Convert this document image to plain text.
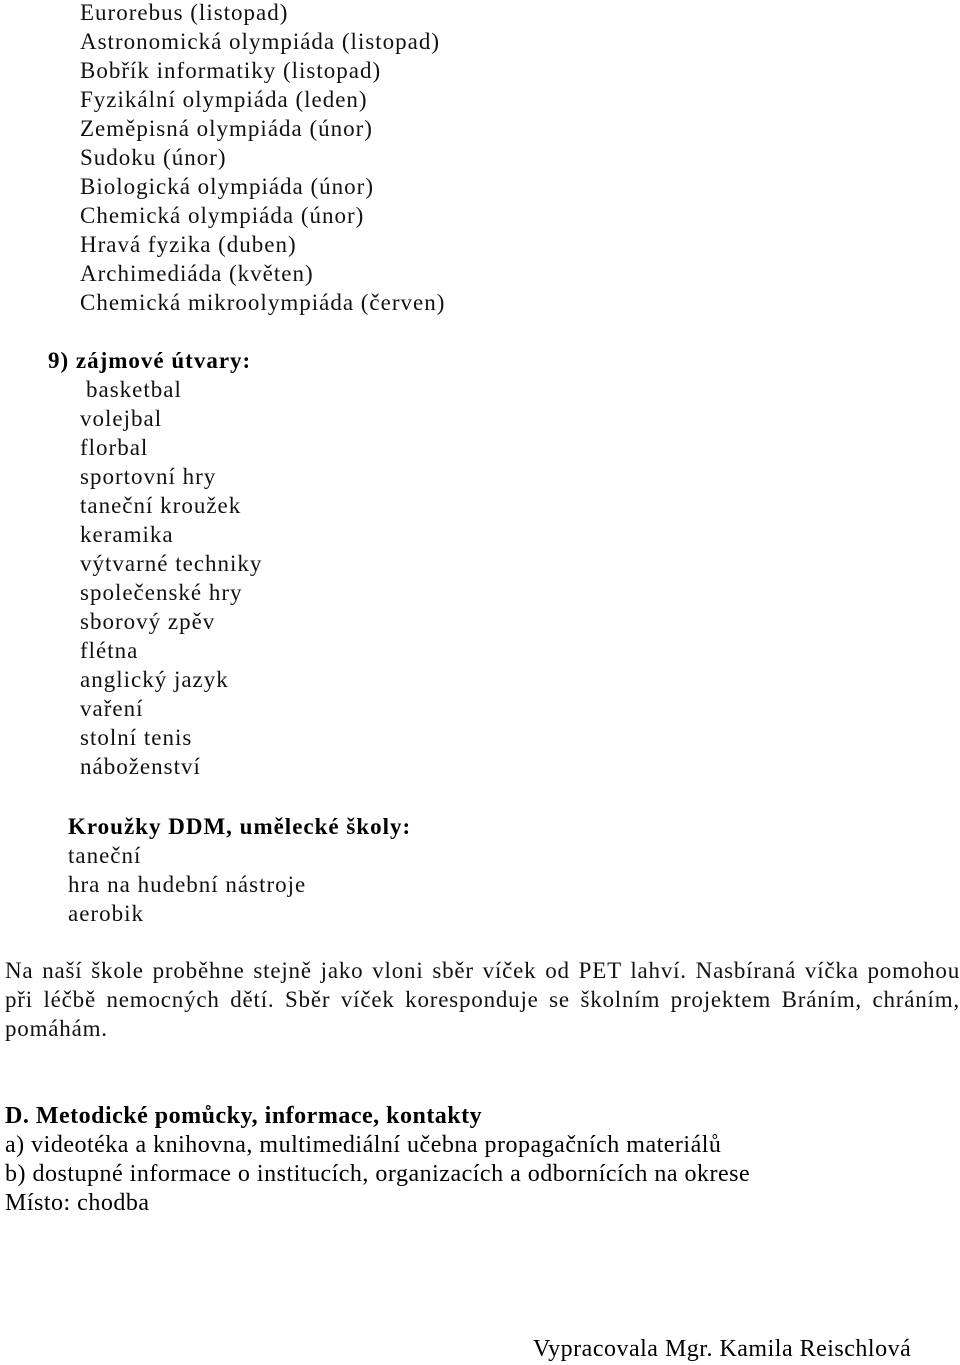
Eurorebus (listopad)
Astronomická olympiáda (listopad)
Bobřík informatiky (listopad)
Fyzikální olympiáda (leden)
Zeměpisná olympiáda (únor)
Sudoku (únor)
Biologická olympiáda (únor)
Chemická olympiáda (únor)
Hravá fyzika (duben)
Archimediáda (květen)
Chemická mikroolympiáda (červen)
9) zájmové útvary:
basketbal
volejbal
florbal
sportovní hry
taneční kroužek
keramika
výtvarné techniky
společenské hry
sborový zpěv
flétna
anglický jazyk
vaření
stolní tenis
náboženství
Kroužky DDM, umělecké školy:
taneční
hra na hudební nástroje
aerobik
Na naší škole proběhne stejně jako vloni sběr víček od PET lahví. Nasbíraná víčka pomohou
při léčbě nemocných dětí. Sběr víček koresponduje se školním projektem Bráním, chráním,
pomáhám.
D. Metodické pomůcky, informace, kontakty
a) videotéka a knihovna, multimediální učebna propagačních materiálů
b) dostupné informace o institucích, organizacích a odbornících na okrese
Místo: chodba
Vypracovala Mgr. Kamila Reischlová
